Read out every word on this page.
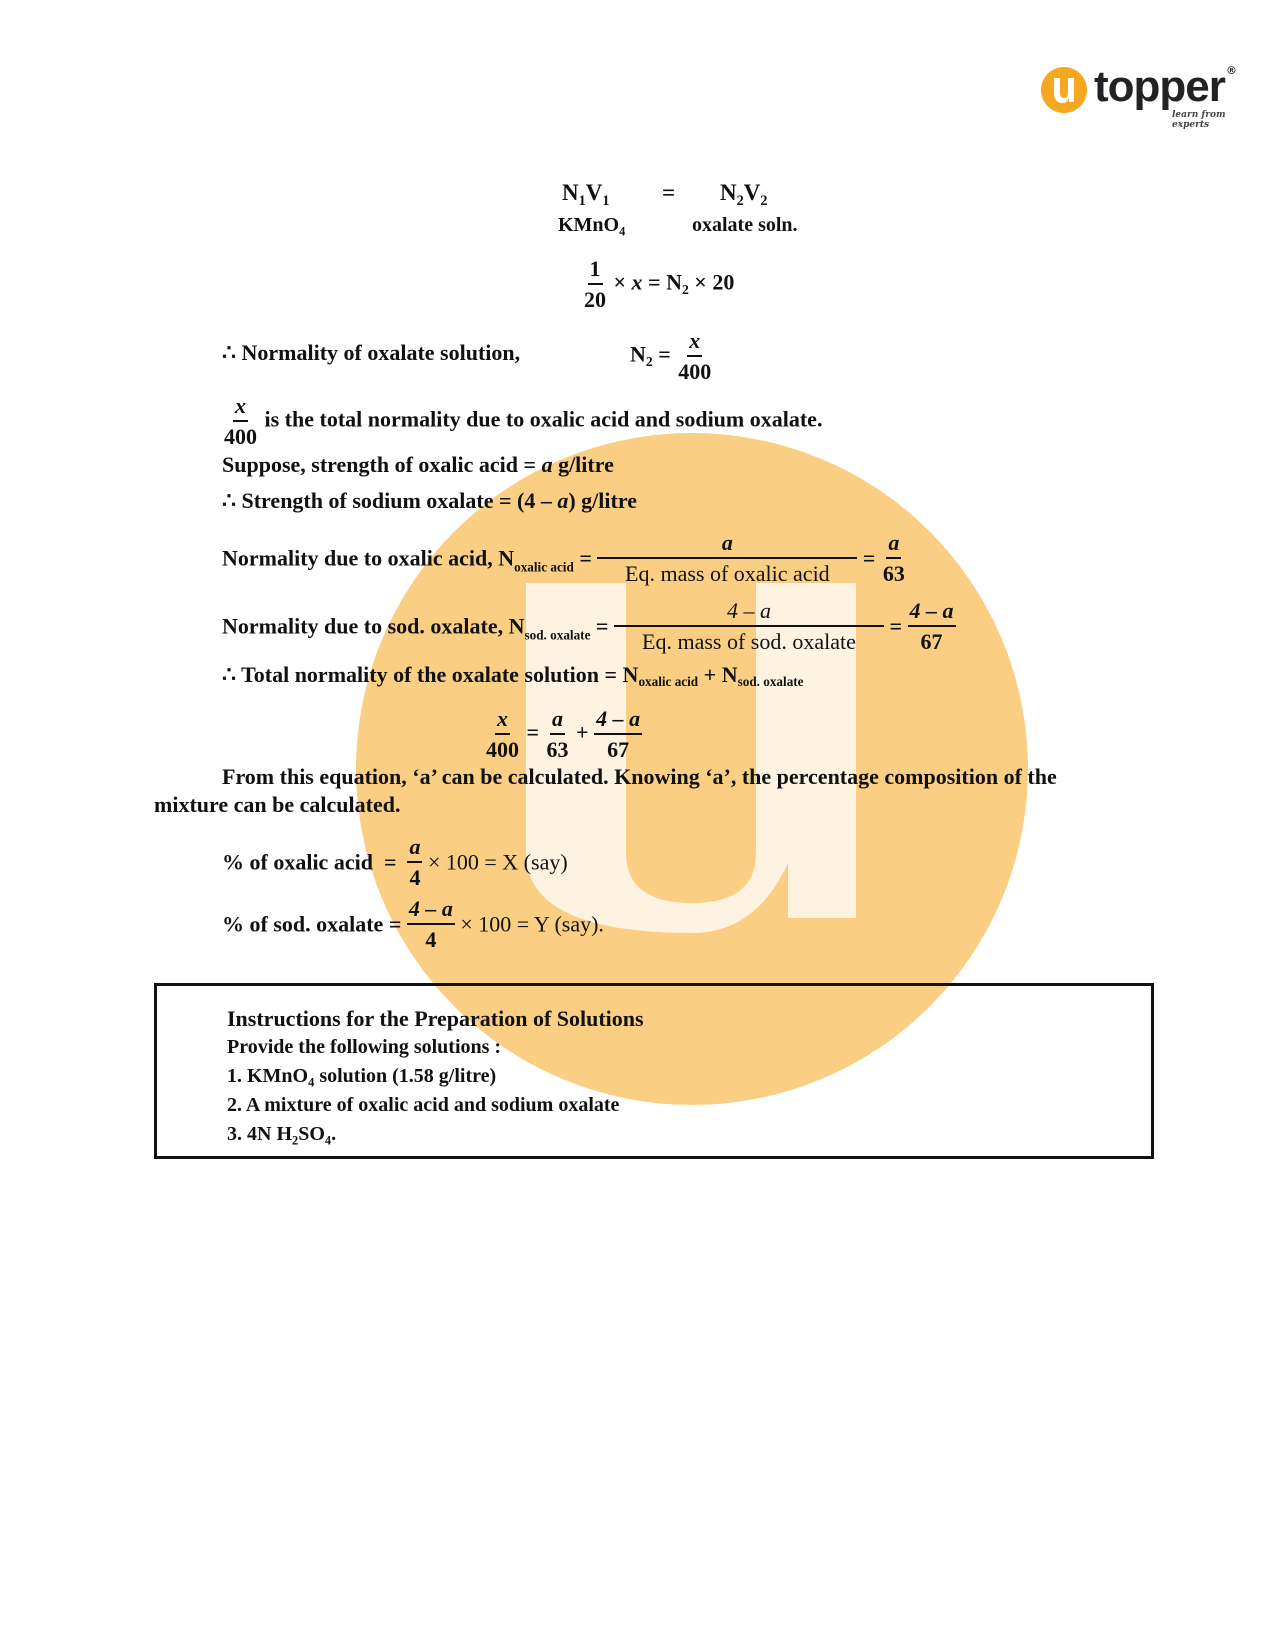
topper
learn from experts
®
$N_1V_1 = N_2V_2$
KMnO$_4$	oxalate soln.
$\frac{1}{20} \times x = N_2 \times 20$
∴ Normality of oxalate solution,	$N_2 = \frac{x}{400}$
$\frac{x}{400}$ is the total normality due to oxalic acid and sodium oxalate.
Suppose, strength of oxalic acid = a g/litre
∴ Strength of sodium oxalate = (4 – a) g/litre
Normality due to oxalic acid, $N_{oxalic acid} = \frac{a}{\text{Eq. mass of oxalic acid}} = \frac{a}{63}$
Normality due to sod. oxalate, $N_{sod. oxalate} = \frac{4 - a}{\text{Eq. mass of sod. oxalate}} = \frac{4 - a}{67}$
∴ Total normality of the oxalate solution = Noxalic acid + Nsod. oxalate
$\frac{x}{400} = \frac{a}{63} + \frac{4 - a}{67}$
From this equation, ‘a’ can be calculated. Knowing ‘a’, the percentage composition of the
mixture can be calculated.
% of oxalic acid  = $\frac{a}{4} \times 100 = X$ (say)
% of sod. oxalate = $\frac{4 - a}{4} \times 100 = Y$ (say).
Instructions for the Preparation of Solutions
Provide the following solutions :
1. KMnO$_4$ solution (1.58 g/litre)
2. A mixture of oxalic acid and sodium oxalate
3. 4N $H_2SO_4$.
